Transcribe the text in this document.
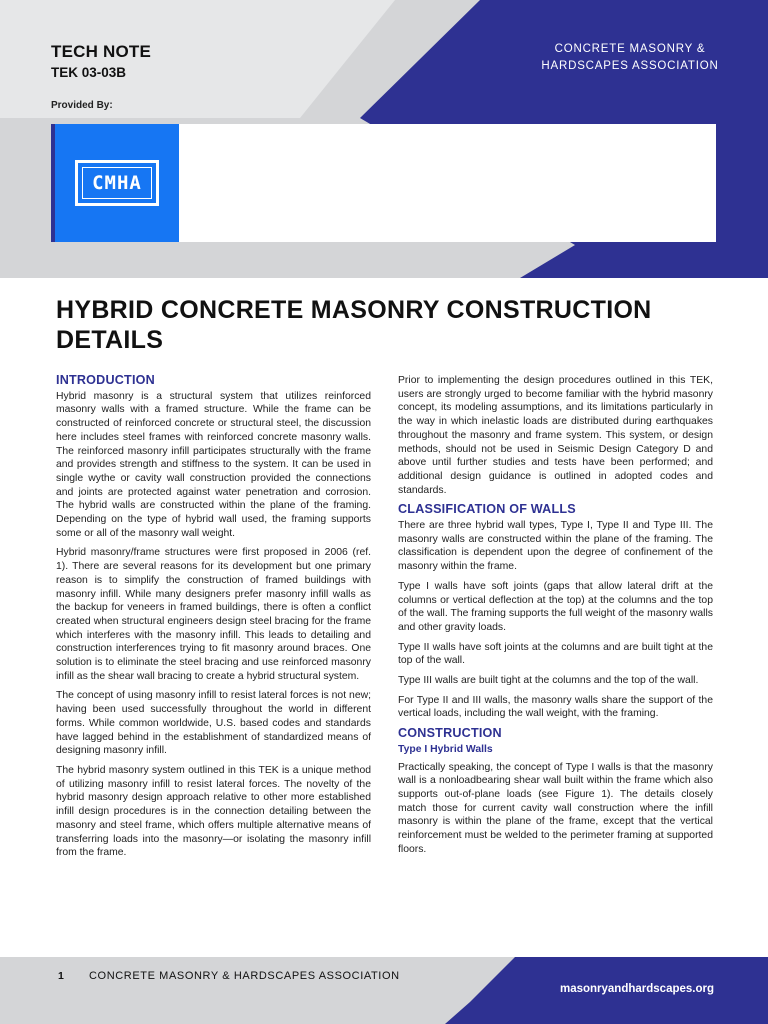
TECH NOTE
TEK 03-03B
Provided By:
CONCRETE MASONRY &
HARDSCAPES ASSOCIATION
CMHA
HYBRID CONCRETE MASONRY CONSTRUCTION
DETAILS
INTRODUCTION

Hybrid masonry is a structural system that utilizes reinforced masonry walls with a framed structure. While the frame can be constructed of reinforced concrete or structural steel, the discussion here includes steel frames with reinforced concrete masonry walls. The reinforced masonry infill participates structurally with the frame and provides strength and stiffness to the system. It can be used in single wythe or cavity wall construction provided the connections and joints are protected against water penetration and corrosion. The hybrid walls are constructed within the plane of the framing. Depending on the type of hybrid wall used, the framing supports some or all of the masonry wall weight.

Hybrid masonry/frame structures were first proposed in 2006 (ref. 1). There are several reasons for its development but one primary reason is to simplify the construction of framed buildings with masonry infill. While many designers prefer masonry infill walls as the backup for veneers in framed buildings, there is often a conflict created when structural engineers design steel bracing for the frame which interferes with the masonry infill. This leads to detailing and construction interferences trying to fit masonry around braces. One solution is to eliminate the steel bracing and use reinforced masonry infill as the shear wall bracing to create a hybrid structural system.

The concept of using masonry infill to resist lateral forces is not new; having been used successfully throughout the world in different forms. While common worldwide, U.S. based codes and standards have lagged behind in the establishment of standardized means of designing masonry infill.

The hybrid masonry system outlined in this TEK is a unique method of utilizing masonry infill to resist lateral forces. The novelty of the hybrid masonry design approach relative to other more established infill design procedures is in the connection detailing between the masonry and steel frame, which offers multiple alternative means of transferring loads into the masonry—or isolating the masonry infill from the frame.

Prior to implementing the design procedures outlined in this TEK, users are strongly urged to become familiar with the hybrid masonry concept, its modeling assumptions, and its limitations particularly in the way in which inelastic loads are distributed during earthquakes throughout the masonry and frame system. This system, or design methods, should not be used in Seismic Design Category D and above until further studies and tests have been performed; and additional design guidance is outlined in adopted codes and standards.

CLASSIFICATION OF WALLS

There are three hybrid wall types, Type I, Type II and Type III. The masonry walls are constructed within the plane of the framing. The classification is dependent upon the degree of confinement of the masonry within the frame.

Type I walls have soft joints (gaps that allow lateral drift at the columns or vertical deflection at the top) at the columns and the top of the wall. The framing supports the full weight of the masonry walls and other gravity loads.

Type II walls have soft joints at the columns and are built tight at the top of the wall.

Type III walls are built tight at the columns and the top of the wall.

For Type II and III walls, the masonry walls share the support of the vertical loads, including the wall weight, with the framing.

CONSTRUCTION
Type I Hybrid Walls

Practically speaking, the concept of Type I walls is that the masonry wall is a nonloadbearing shear wall built within the frame which also supports out-of-plane loads (see Figure 1). The details closely match those for current cavity wall construction where the infill masonry is within the plane of the frame, except that the vertical reinforcement must be welded to the perimeter framing at supported floors.

1 CONCRETE MASONRY & HARDSCAPES ASSOCIATION
masonryandhardscapes.org
